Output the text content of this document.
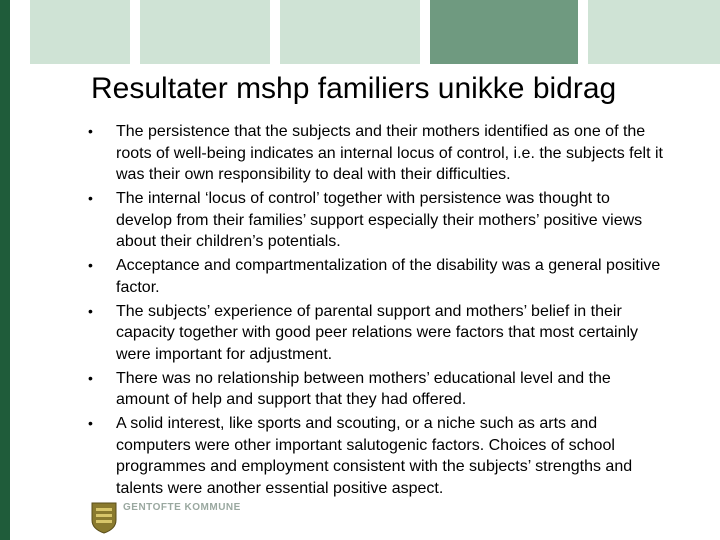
Resultater mshp familiers unikke bidrag
• The persistence that the subjects and their mothers identified as one of the roots of well-being indicates an internal locus of control, i.e. the subjects felt it was their own responsibility to deal with their difficulties.
• The internal ‘locus of control’ together with persistence was thought to develop from their families’ support especially their mothers’ positive views about their children’s potentials.
• Acceptance and compartmentalization of the disability was a general positive factor.
• The subjects’ experience of parental support and mothers’ belief in their capacity together with good peer relations were factors that most certainly were important for adjustment.
• There was no relationship between mothers’ educational level and the amount of help and support that they had offered.
• A solid interest, like sports and scouting, or a niche such as arts and computers were other important salutogenic factors. Choices of school programmes and employment consistent with the subjects’ strengths and talents were another essential positive aspect.
GENTOFTE KOMMUNE
